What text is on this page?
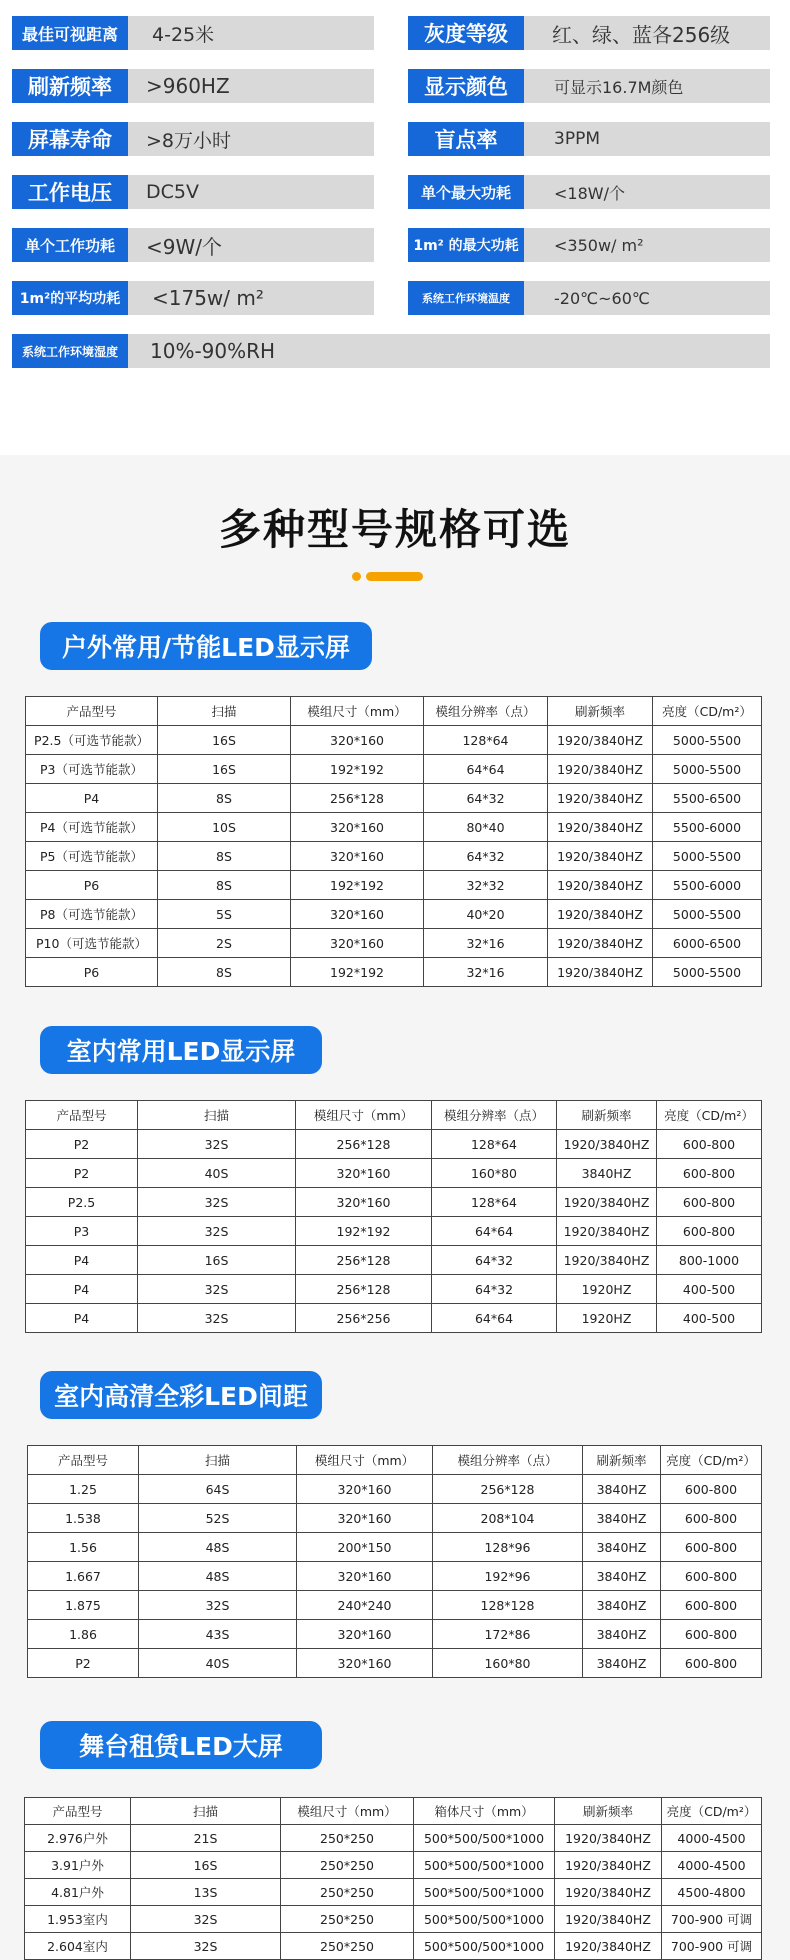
最佳可视距离	4-25米	灰度等级	红、绿、蓝各256级
刷新频率	>960HZ	显示颜色	可显示16.7M颜色
屏幕寿命	>8万小时	盲点率	3PPM
工作电压	DC5V	单个最大功耗	<18W/个
单个工作功耗	<9W/个	1m² 的最大功耗	<350w/ m²
1m²的平均功耗	<175w/ m²	系统工作环境温度	-20℃~60℃
系统工作环境湿度	10%-90%RH
多种型号规格可选
户外常用/节能LED显示屏
产品型号	扫描	模组尺寸（mm）	模组分辨率（点）	刷新频率	亮度（CD/m²）
P2.5（可选节能款）	16S	320*160	128*64	1920/3840HZ	5000-5500
P3（可选节能款）	16S	192*192	64*64	1920/3840HZ	5000-5500
P4	8S	256*128	64*32	1920/3840HZ	5500-6500
P4（可选节能款）	10S	320*160	80*40	1920/3840HZ	5500-6000
P5（可选节能款）	8S	320*160	64*32	1920/3840HZ	5000-5500
P6	8S	192*192	32*32	1920/3840HZ	5500-6000
P8（可选节能款）	5S	320*160	40*20	1920/3840HZ	5000-5500
P10（可选节能款）	2S	320*160	32*16	1920/3840HZ	6000-6500
P6	8S	192*192	32*16	1920/3840HZ	5000-5500
室内常用LED显示屏
产品型号	扫描	模组尺寸（mm）	模组分辨率（点）	刷新频率	亮度（CD/m²）
P2	32S	256*128	128*64	1920/3840HZ	600-800
P2	40S	320*160	160*80	3840HZ	600-800
P2.5	32S	320*160	128*64	1920/3840HZ	600-800
P3	32S	192*192	64*64	1920/3840HZ	600-800
P4	16S	256*128	64*32	1920/3840HZ	800-1000
P4	32S	256*128	64*32	1920HZ	400-500
P4	32S	256*256	64*64	1920HZ	400-500
室内高清全彩LED间距
产品型号	扫描	模组尺寸（mm）	模组分辨率（点）	刷新频率	亮度（CD/m²）
1.25	64S	320*160	256*128	3840HZ	600-800
1.538	52S	320*160	208*104	3840HZ	600-800
1.56	48S	200*150	128*96	3840HZ	600-800
1.667	48S	320*160	192*96	3840HZ	600-800
1.875	32S	240*240	128*128	3840HZ	600-800
1.86	43S	320*160	172*86	3840HZ	600-800
P2	40S	320*160	160*80	3840HZ	600-800
舞台租赁LED大屏
产品型号	扫描	模组尺寸（mm）	箱体尺寸（mm）	刷新频率	亮度（CD/m²）
2.976户外	21S	250*250	500*500/500*1000	1920/3840HZ	4000-4500
3.91户外	16S	250*250	500*500/500*1000	1920/3840HZ	4000-4500
4.81户外	13S	250*250	500*500/500*1000	1920/3840HZ	4500-4800
1.953室内	32S	250*250	500*500/500*1000	1920/3840HZ	700-900 可调
2.604室内	32S	250*250	500*500/500*1000	1920/3840HZ	700-900 可调
